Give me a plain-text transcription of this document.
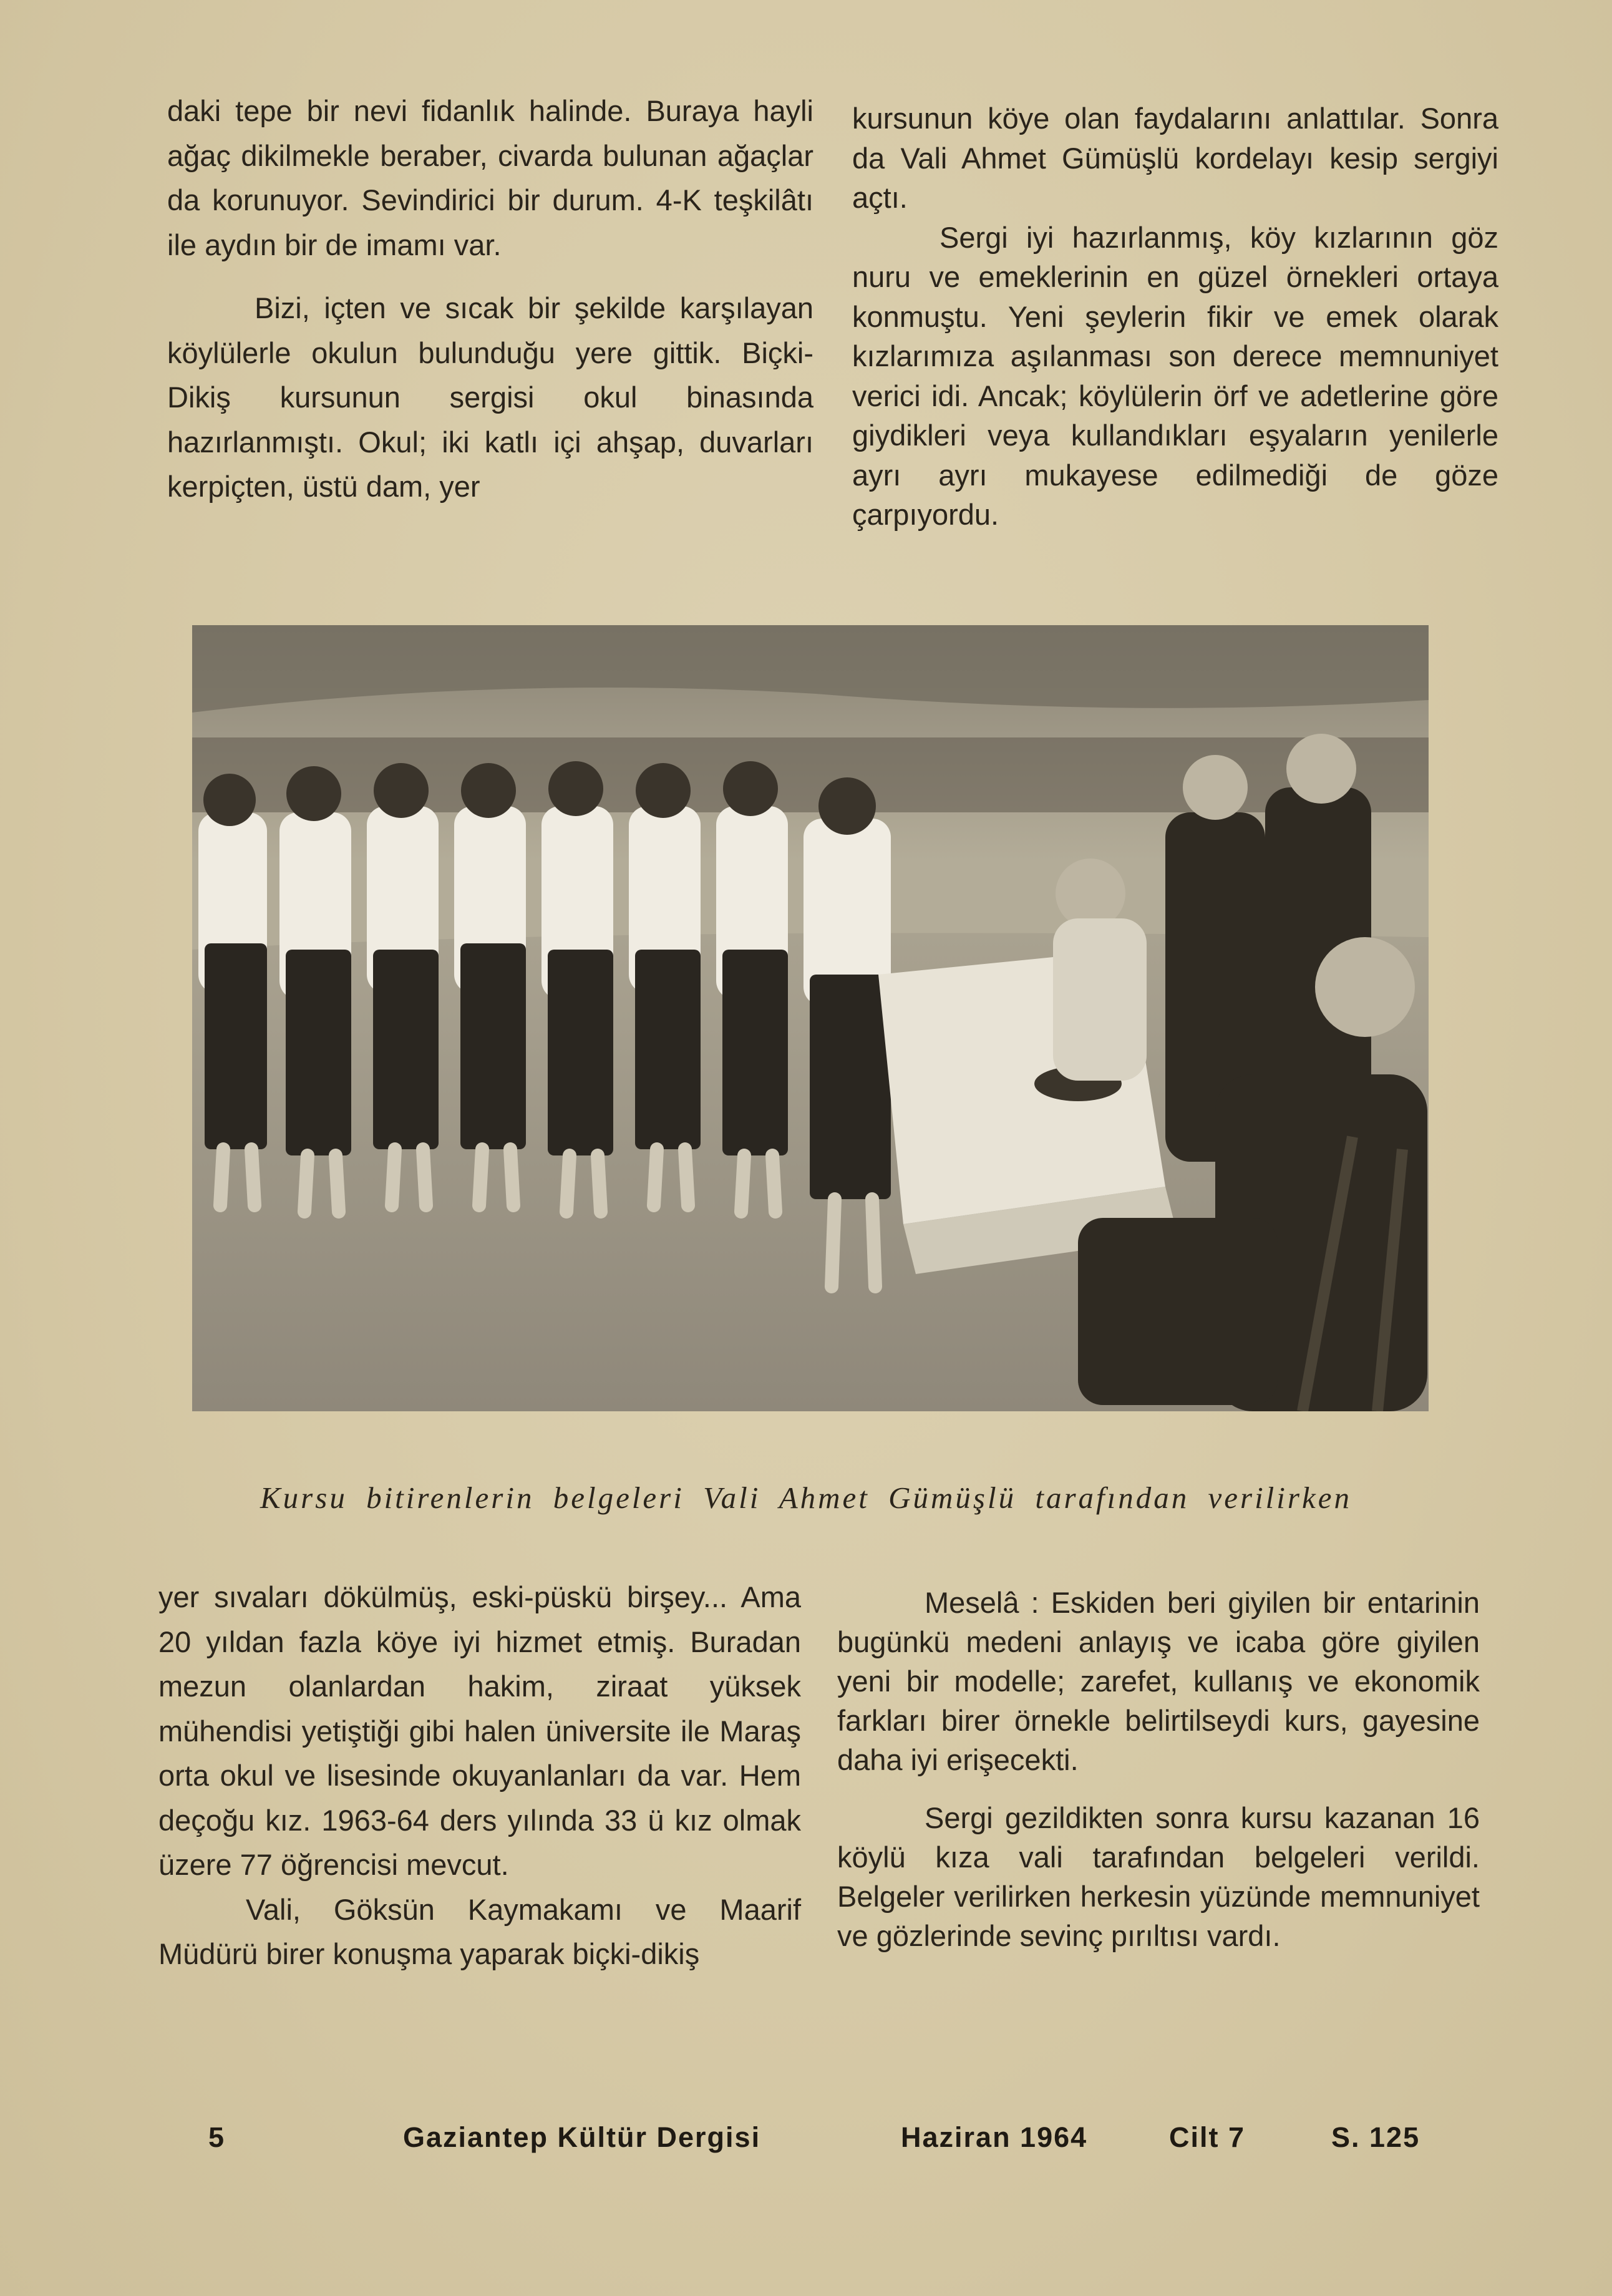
daki tepe bir nevi fidanlık halinde. Buraya hayli ağaç dikilmekle beraber, civarda bulunan ağaçlar da korunuyor. Sevindirici bir durum. 4-K teşkilâtı ile aydın bir de imamı var.

Bizi, içten ve sıcak bir şekilde karşılayan köylülerle okulun bulunduğu yere gittik. Biçki- Dikiş kursunun sergisi okul binasında hazırlanmıştı. Okul; iki katlı içi ahşap, duvarları kerpiçten, üstü dam, yer

kursunun köye olan faydalarını anlattılar. Sonra da Vali Ahmet Gümüşlü kordelayı kesip sergiyi açtı.

Sergi iyi hazırlanmış, köy kızlarının göz nuru ve emeklerinin en güzel örnekleri ortaya konmuştu. Yeni şeylerin fikir ve emek olarak kızlarımıza aşılanması son derece memnuniyet verici idi. Ancak; köylülerin örf ve adetlerine göre giydikleri veya kullandıkları eşyaların yenilerle ayrı ayrı mukayese edilmediği de göze çarpıyordu.

Kursu bitirenlerin belgeleri Vali Ahmet Gümüşlü tarafından verilirken

yer sıvaları dökülmüş, eski-püskü birşey... Ama 20 yıldan fazla köye iyi hizmet etmiş. Buradan mezun olanlardan hakim, ziraat yüksek mühendisi yetiştiği gibi halen üniversite ile Maraş orta okul ve lisesinde okuyanlanları da var. Hem deçoğu kız. 1963-64 ders yılında 33 ü kız olmak üzere 77 öğrencisi mevcut.

Vali, Göksün Kaymakamı ve Maarif Müdürü birer konuşma yaparak biçki-dikiş

Meselâ : Eskiden beri giyilen bir entarinin bugünkü medeni anlayış ve icaba göre giyilen yeni bir modelle; zarefet, kullanış ve ekonomik farkları birer örnekle belirtilseydi kurs, gayesine daha iyi erişecekti.

Sergi gezildikten sonra kursu kazanan 16 köylü kıza vali tarafından belgeleri verildi. Belgeler verilirken herkesin yüzünde memnuniyet ve gözlerinde sevinç pırıltısı vardı.

5	Gaziantep Kültür Dergisi	Haziran 1964	Cilt 7	S. 125
